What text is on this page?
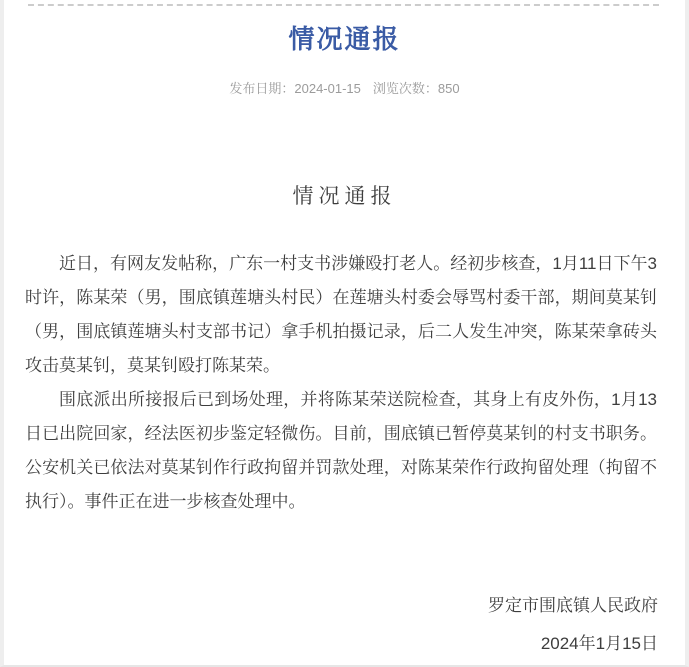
情况通报
发布日期：2024-01-15 浏览次数：850
情况通报

近日，有网友发帖称，广东一村支书涉嫌殴打老人。经初步核查，1月11日下午3时许，陈某荣（男，围底镇莲塘头村民）在莲塘头村委会辱骂村委干部，期间莫某钊（男，围底镇莲塘头村支部书记）拿手机拍摄记录，后二人发生冲突，陈某荣拿砖头攻击莫某钊，莫某钊殴打陈某荣。

围底派出所接报后已到场处理，并将陈某荣送院检查，其身上有皮外伤，1月13日已出院回家，经法医初步鉴定轻微伤。目前，围底镇已暂停莫某钊的村支书职务。公安机关已依法对莫某钊作行政拘留并罚款处理，对陈某荣作行政拘留处理（拘留不执行）。事件正在进一步核查处理中。

罗定市围底镇人民政府
2024年1月15日
